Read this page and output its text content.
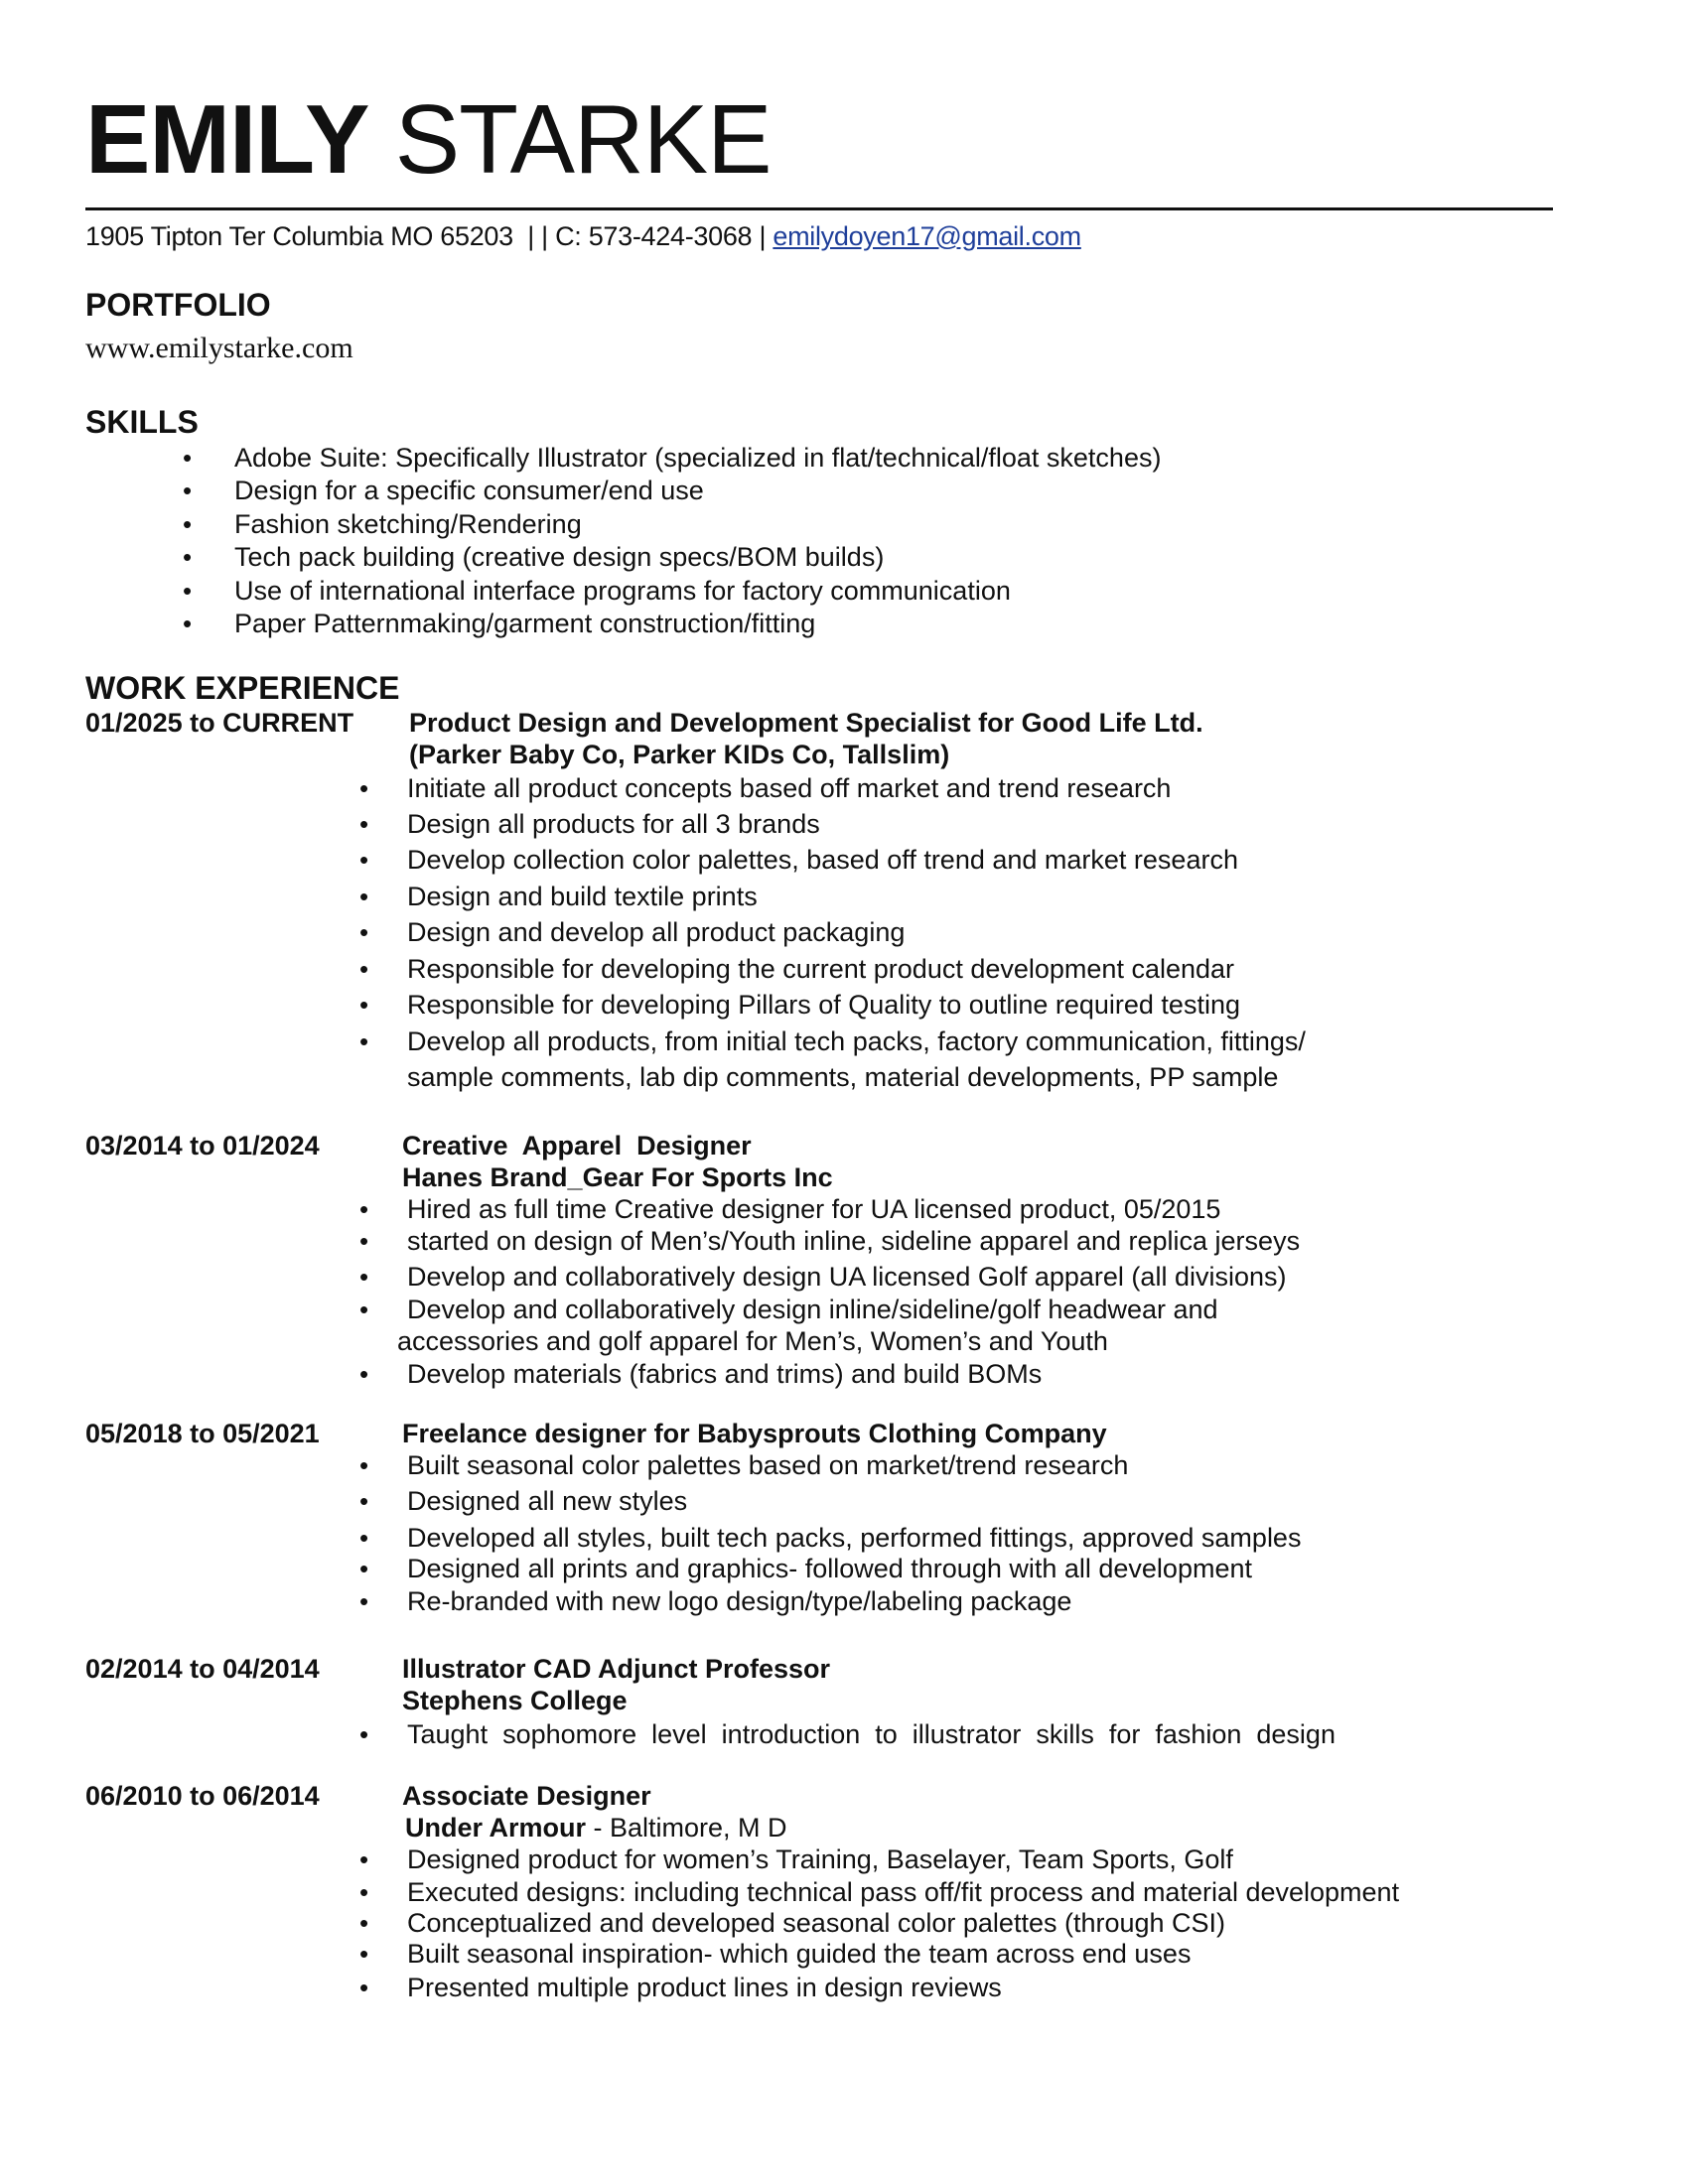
EMILY STARKE
1905 Tipton Ter Columbia MO 65203  | | C: 573-424-3068 | emilydoyen17@gmail.com
PORTFOLIO
www.emilystarke.com
SKILLS
• Adobe Suite: Specifically Illustrator (specialized in flat/technical/float sketches)
• Design for a specific consumer/end use
• Fashion sketching/Rendering
• Tech pack building (creative design specs/BOM builds)
• Use of international interface programs for factory communication
• Paper Patternmaking/garment construction/fitting
WORK EXPERIENCE
01/2025 to CURRENT Product Design and Development Specialist for Good Life Ltd.
(Parker Baby Co, Parker KIDs Co, Tallslim)
• Initiate all product concepts based off market and trend research
• Design all products for all 3 brands
• Develop collection color palettes, based off trend and market research
• Design and build textile prints
• Design and develop all product packaging
• Responsible for developing the current product development calendar
• Responsible for developing Pillars of Quality to outline required testing
• Develop all products, from initial tech packs, factory communication, fittings/
sample comments, lab dip comments, material developments, PP sample
03/2014 to 01/2024	Creative  Apparel  Designer
Hanes Brand_Gear For Sports Inc
• Hired as full time Creative designer for UA licensed product, 05/2015
• started on design of Men’s/Youth inline, sideline apparel and replica jerseys
• Develop and collaboratively design UA licensed Golf apparel (all divisions)
• Develop and collaboratively design inline/sideline/golf headwear and
accessories and golf apparel for Men’s, Women’s and Youth
• Develop materials (fabrics and trims) and build BOMs
05/2018 to 05/2021	Freelance designer for Babysprouts Clothing Company
• Built seasonal color palettes based on market/trend research
• Designed all new styles
• Developed all styles, built tech packs, performed fittings, approved samples
• Designed all prints and graphics- followed through with all development
• Re-branded with new logo design/type/labeling package
02/2014 to 04/2014	Illustrator CAD Adjunct Professor
Stephens College
• Taught  sophomore  level  introduction  to  illustrator  skills  for  fashion  design
06/2010 to 06/2014	Associate Designer
Under Armour - Baltimore, M D
• Designed product for women’s Training, Baselayer, Team Sports, Golf
• Executed designs: including technical pass off/fit process and material development
• Conceptualized and developed seasonal color palettes (through CSI)
• Built seasonal inspiration- which guided the team across end uses
• Presented multiple product lines in design reviews
